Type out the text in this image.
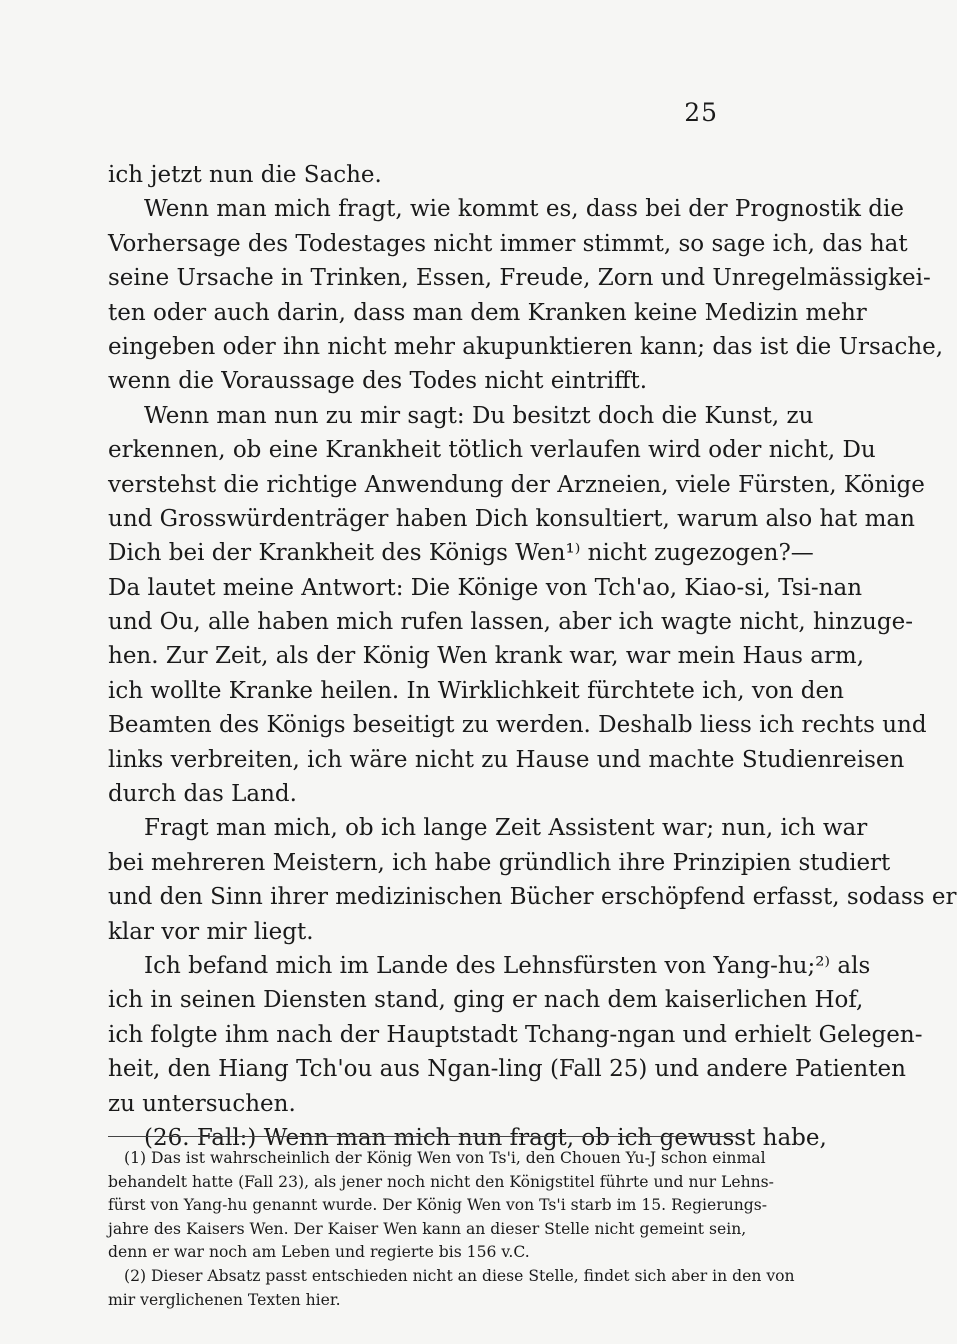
25
ich jetzt nun die Sache.
Wenn man mich fragt, wie kommt es, dass bei der Prognostik die
Vorhersage des Todestages nicht immer stimmt, so sage ich, das hat
seine Ursache in Trinken, Essen, Freude, Zorn und Unregelmässigkei-
ten oder auch darin, dass man dem Kranken keine Medizin mehr
eingeben oder ihn nicht mehr akupunktieren kann; das ist die Ursache,
wenn die Voraussage des Todes nicht eintrifft.
Wenn man nun zu mir sagt: Du besitzt doch die Kunst, zu
erkennen, ob eine Krankheit tötlich verlaufen wird oder nicht, Du
verstehst die richtige Anwendung der Arzneien, viele Fürsten, Könige
und Grosswürdenträger haben Dich konsultiert, warum also hat man
Dich bei der Krankheit des Königs Wen¹⁾ nicht zugezogen?—
Da lautet meine Antwort: Die Könige von Tch'ao, Kiao-si, Tsi-nan
und Ou, alle haben mich rufen lassen, aber ich wagte nicht, hinzuge-
hen. Zur Zeit, als der König Wen krank war, war mein Haus arm,
ich wollte Kranke heilen. In Wirklichkeit fürchtete ich, von den
Beamten des Königs beseitigt zu werden. Deshalb liess ich rechts und
links verbreiten, ich wäre nicht zu Hause und machte Studienreisen
durch das Land.
Fragt man mich, ob ich lange Zeit Assistent war; nun, ich war
bei mehreren Meistern, ich habe gründlich ihre Prinzipien studiert
und den Sinn ihrer medizinischen Bücher erschöpfend erfasst, sodass er
klar vor mir liegt.
Ich befand mich im Lande des Lehnsfürsten von Yang-hu;²⁾ als
ich in seinen Diensten stand, ging er nach dem kaiserlichen Hof,
ich folgte ihm nach der Hauptstadt Tchang-ngan und erhielt Gelegen-
heit, den Hiang Tch'ou aus Ngan-ling (Fall 25) und andere Patienten
zu untersuchen.
(26. Fall:) Wenn man mich nun fragt, ob ich gewusst habe,
(1) Das ist wahrscheinlich der König Wen von Ts'i, den Chouen Yu-J schon einmal
behandelt hatte (Fall 23), als jener noch nicht den Königstitel führte und nur Lehns-
fürst von Yang-hu genannt wurde. Der König Wen von Ts'i starb im 15. Regierungs-
jahre des Kaisers Wen. Der Kaiser Wen kann an dieser Stelle nicht gemeint sein,
denn er war noch am Leben und regierte bis 156 v.C.
(2) Dieser Absatz passt entschieden nicht an diese Stelle, findet sich aber in den von
mir verglichenen Texten hier.
